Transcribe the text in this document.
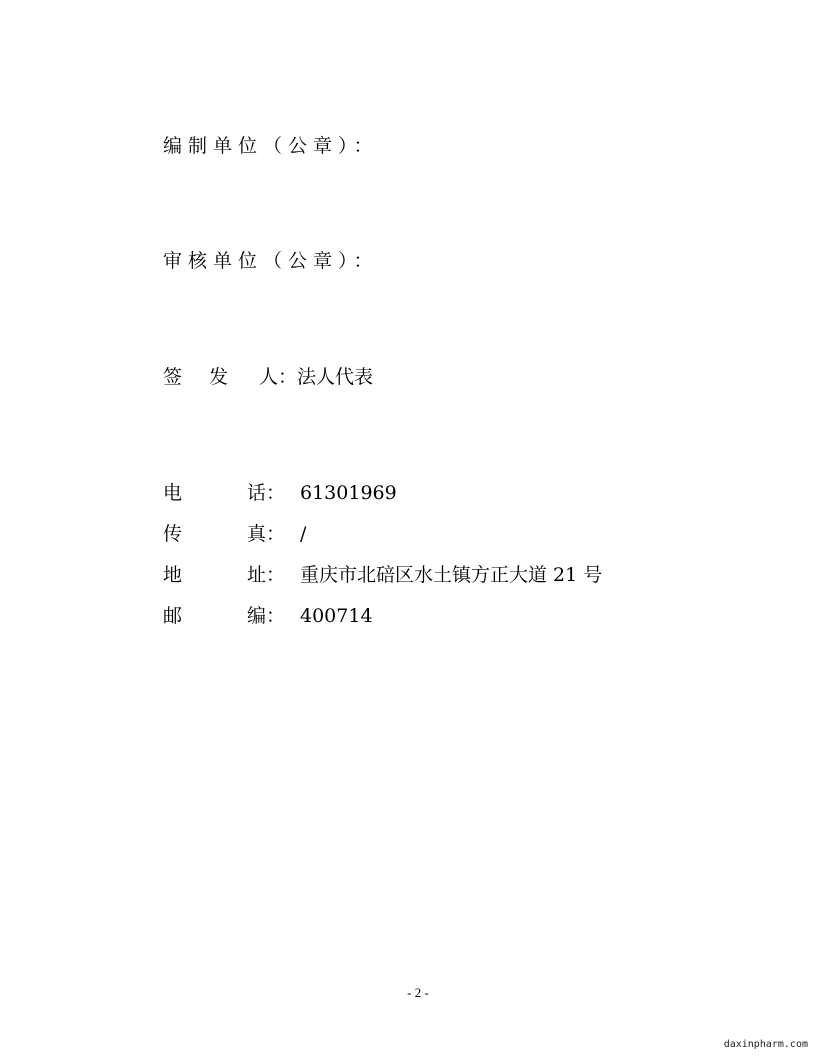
编制单位（公章）：
审核单位（公章）：
签 发 人：法人代表
电	话： 61301969
传	真： /
地	址： 重庆市北碚区水土镇方正大道 21 号
邮	编： 400714
- 2 -
daxinpharm.com
